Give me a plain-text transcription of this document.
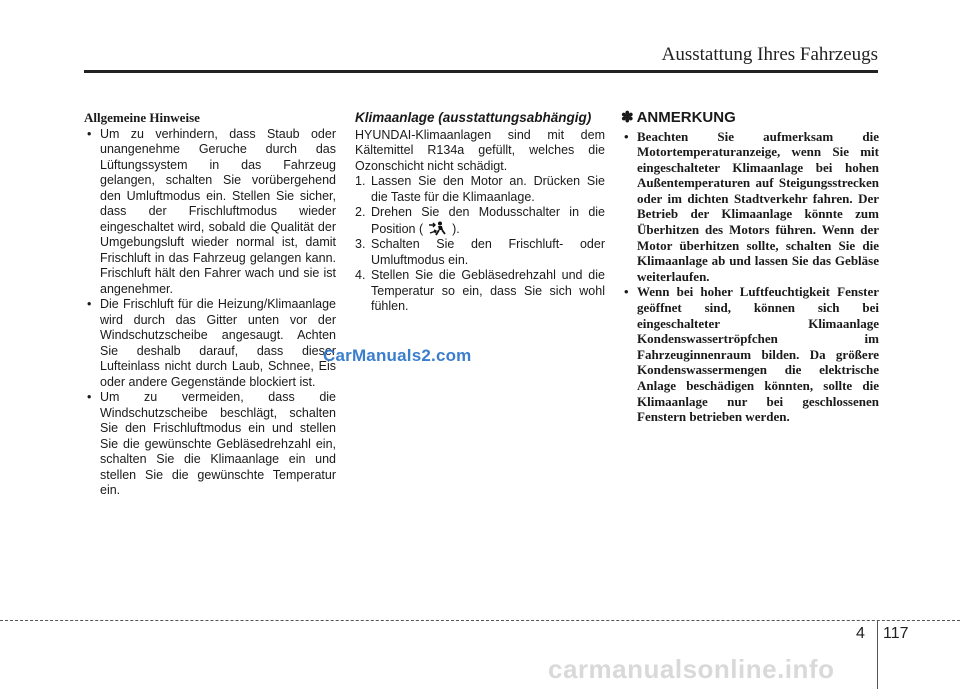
Ausstattung Ihres Fahrzeugs
Allgemeine Hinweise
• Um zu verhindern, dass Staub oder unangenehme Geruche durch das Lüftungssystem in das Fahrzeug gelangen, schalten Sie vorübergehend den Umluftmodus ein. Stellen Sie sicher, dass der Frischluftmodus wieder eingeschaltet wird, sobald die Qualität der Umgebungsluft wieder normal ist, damit Frischluft in das Fahrzeug gelangen kann. Frischluft hält den Fahrer wach und sie ist angenehmer.
• Die Frischluft für die Heizung/Klimaanlage wird durch das Gitter unten vor der Windschutzscheibe angesaugt. Achten Sie deshalb darauf, dass dieser Lufteinlass nicht durch Laub, Schnee, Eis oder andere Gegenstände blockiert ist.
• Um zu vermeiden, dass die Windschutzscheibe beschlägt, schalten Sie den Frischluftmodus ein und stellen Sie die gewünschte Gebläsedrehzahl ein, schalten Sie die Klimaanlage ein und stellen Sie die gewünschte Temperatur ein.
Klimaanlage (ausstattungsabhängig)

HYUNDAI-Klimaanlagen sind mit dem Kältemittel R134a gefüllt, welches die Ozonschicht nicht schädigt.

1. Lassen Sie den Motor an. Drücken Sie die Taste für die Klimaanlage.
2. Drehen Sie den Modusschalter in die Position ( ).
3. Schalten Sie den Frischluft- oder Umluftmodus ein.
4. Stellen Sie die Gebläsedrehzahl und die Temperatur so ein, dass Sie sich wohl fühlen.
✽ ANMERKUNG
• Beachten Sie aufmerksam die Motortemperaturanzeige, wenn Sie mit eingeschalteter Klimaanlage bei hohen Außentemperaturen auf Steigungsstrecken oder im dichten Stadtverkehr fahren. Der Betrieb der Klimaanlage könnte zum Überhitzen des Motors führen. Wenn der Motor überhitzen sollte, schalten Sie die Klimaanlage ab und lassen Sie das Gebläse weiterlaufen.
• Wenn bei hoher Luftfeuchtigkeit Fenster geöffnet sind, können sich bei eingeschalteter Klimaanlage Kondenswassertröpfchen im Fahrzeuginnenraum bilden. Da größere Kondenswassermengen die elektrische Anlage beschädigen könnten, sollte die Klimaanlage nur bei geschlossenen Fenstern betrieben werden.
CarManuals2.com
4 117
carmanualsonline.info
